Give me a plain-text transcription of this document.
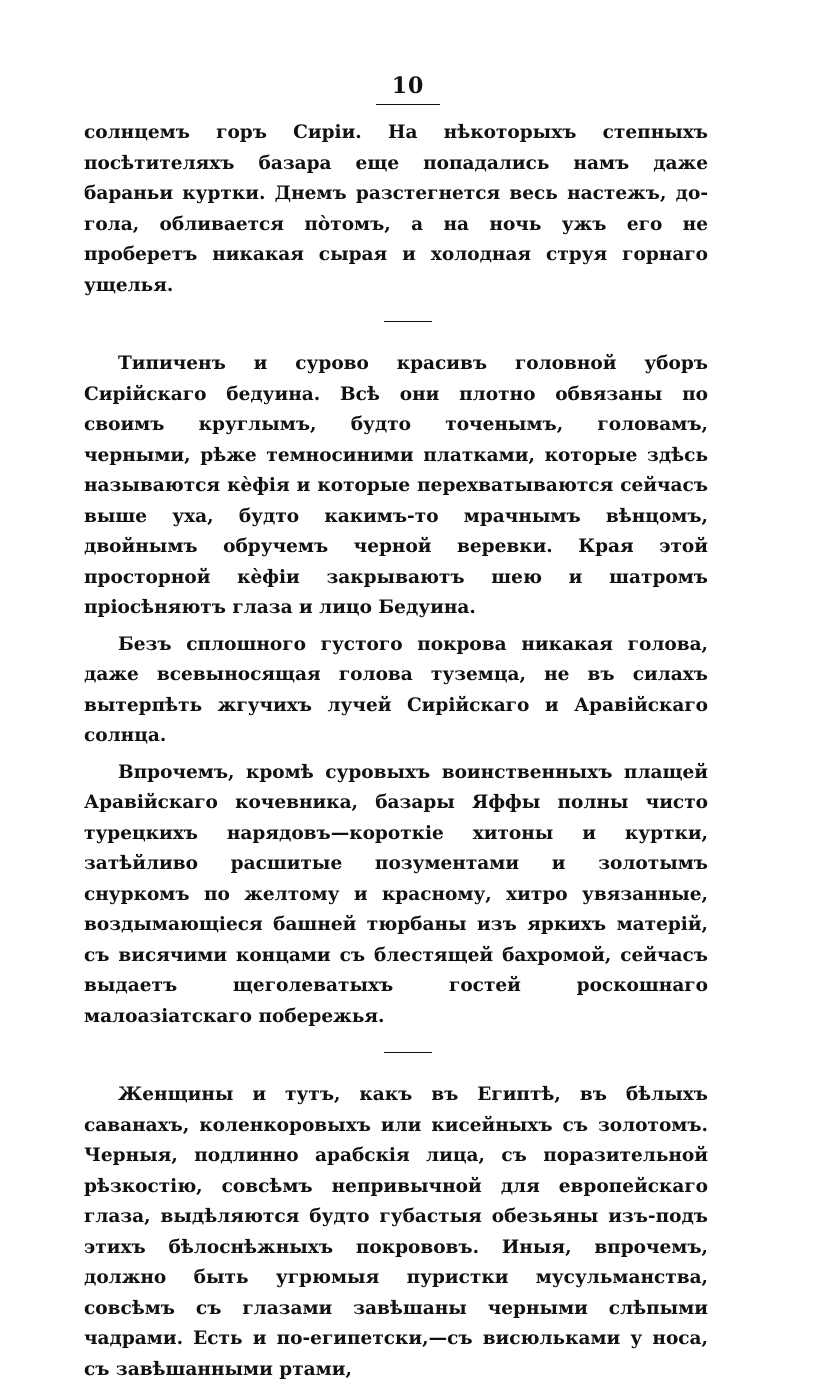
10

солнцемъ горъ Сиріи. На нѣкоторыхъ степныхъ посѣтителяхъ базара еще попадались намъ даже бараньи куртки. Днемъ разстегнется весь настежъ, до-гола, обливается пòтомъ, а на ночь ужъ его не проберетъ никакая сырая и холодная струя горнаго ущелья.

Типиченъ и сурово красивъ головной уборъ Сирійскаго бедуина. Всѣ они плотно обвязаны по своимъ круглымъ, будто точенымъ, головамъ, черными, рѣже темносиними платками, которые здѣсь называются кѐфія и которые перехватываются сейчасъ выше уха, будто какимъ-то мрачнымъ вѣнцомъ, двойнымъ обручемъ черной веревки. Края этой просторной кѐфіи закрываютъ шею и шатромъ пріосѣняютъ глаза и лицо Бедуина.

Безъ сплошного густого покрова никакая голова, даже всевыносящая голова туземца, не въ силахъ вытерпѣть жгучихъ лучей Сирійскаго и Аравійскаго солнца.

Впрочемъ, кромѣ суровыхъ воинственныхъ плащей Аравійскаго кочевника, базары Яффы полны чисто турецкихъ нарядовъ—короткіе хитоны и куртки, затѣйливо расшитые позументами и золотымъ снуркомъ по желтому и красному, хитро увязанные, воздымающіеся башней тюрбаны изъ яркихъ матерій, съ висячими концами съ блестящей бахромой, сейчасъ выдаетъ щеголеватыхъ гостей роскошнаго малоазіатскаго побережья.

Женщины и тутъ, какъ въ Египтѣ, въ бѣлыхъ саванахъ, коленкоровыхъ или кисейныхъ съ золотомъ. Черныя, подлинно арабскія лица, съ поразительной рѣзкостію, совсѣмъ непривычной для европейскаго глаза, выдѣляются будто губастыя обезьяны изъ-подъ этихъ бѣлоснѣжныхъ покрововъ. Иныя, впрочемъ, должно быть угрюмыя пуристки мусульманства, совсѣмъ съ глазами завѣшаны черными слѣпыми чадрами. Есть и по-египетски,—съ висюльками у носа, съ завѣшанными ртами,
